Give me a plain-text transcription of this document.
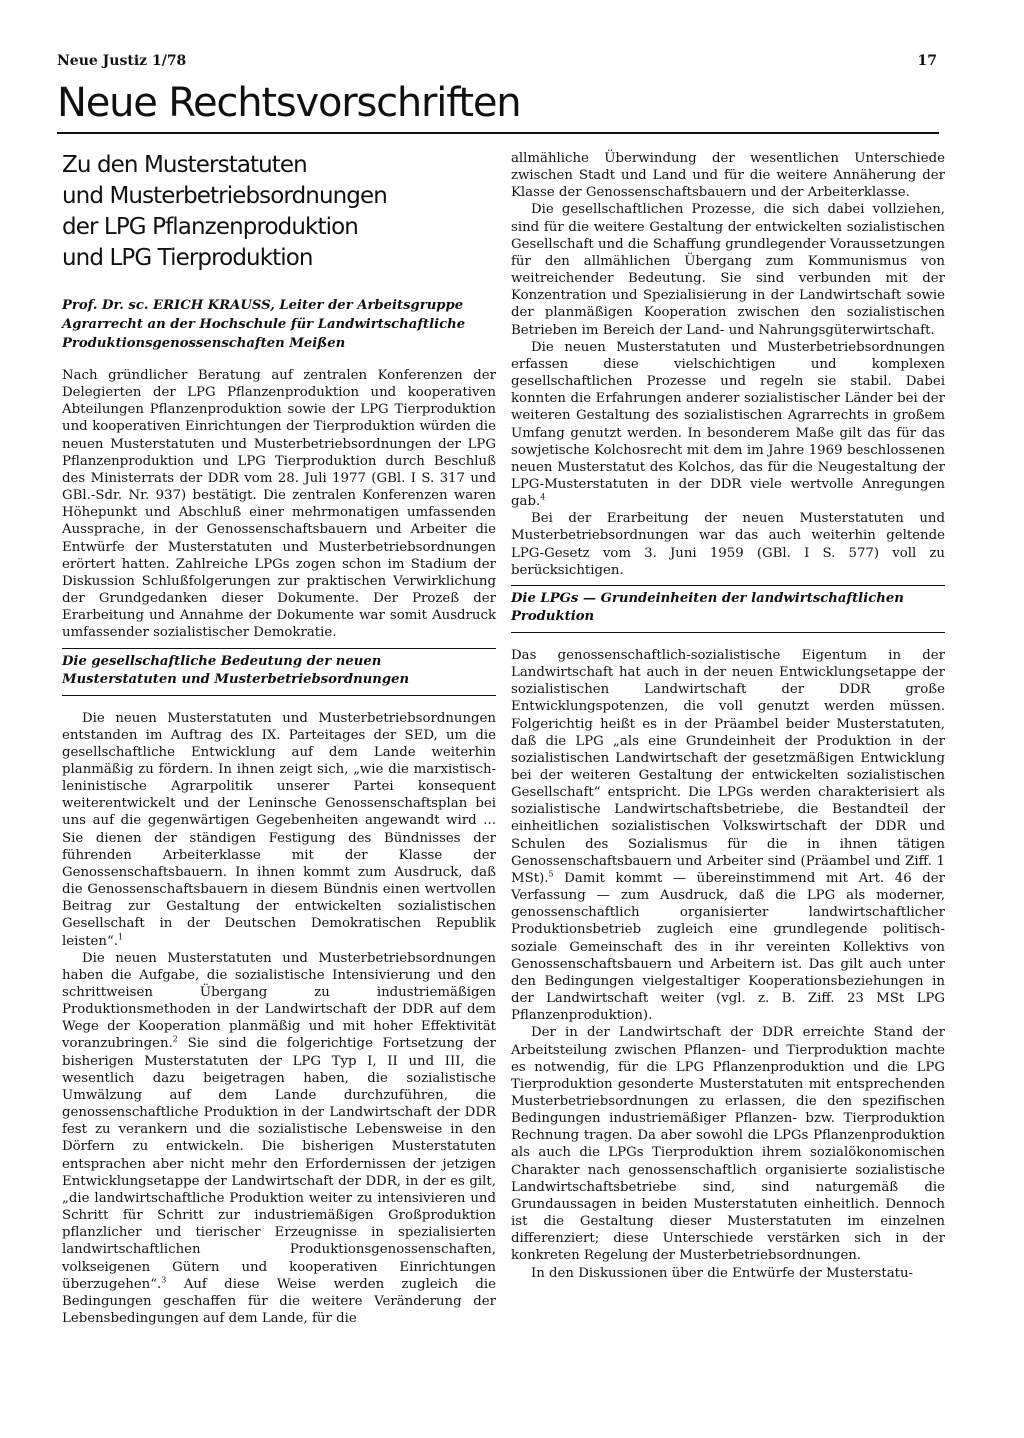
Neue Justiz 1/78	17
Neue Rechtsvorschriften
Zu den Musterstatuten
und Musterbetriebsordnungen
der LPG Pflanzenproduktion
und LPG Tierproduktion
Prof. Dr. sc. ERICH KRAUSS, Leiter der Arbeitsgruppe Agrarrecht an der Hochschule für Landwirtschaftliche Produktionsgenossenschaften Meißen

Nach gründlicher Beratung auf zentralen Konferenzen der Delegierten der LPG Pflanzenproduktion und kooperativen Abteilungen Pflanzenproduktion sowie der LPG Tierproduktion und kooperativen Einrichtungen der Tierproduktion würden die neuen Musterstatuten und Musterbetriebsordnungen der LPG Pflanzenproduktion und LPG Tierproduktion durch Beschluß des Ministerrats der DDR vom 28. Juli 1977 (GBl. I S. 317 und GBl.-Sdr. Nr. 937) bestätigt. Die zentralen Konferenzen waren Höhepunkt und Abschluß einer mehrmonatigen umfassenden Aussprache, in der Genossenschaftsbauern und Arbeiter die Entwürfe der Musterstatuten und Musterbetriebsordnungen erörtert hatten. Zahlreiche LPGs zogen schon im Stadium der Diskussion Schlußfolgerungen zur praktischen Verwirklichung der Grundgedanken dieser Dokumente. Der Prozeß der Erarbeitung und Annahme der Dokumente war somit Ausdruck umfassender sozialistischer Demokratie.

Die gesellschaftliche Bedeutung der neuen Musterstatuten und Musterbetriebsordnungen

Die neuen Musterstatuten und Musterbetriebsordnungen entstanden im Auftrag des IX. Parteitages der SED, um die gesellschaftliche Entwicklung auf dem Lande weiterhin planmäßig zu fördern. In ihnen zeigt sich, „wie die marxistisch-leninistische Agrarpolitik unserer Partei konsequent weiterentwickelt und der Leninsche Genossenschaftsplan bei uns auf die gegenwärtigen Gegebenheiten angewandt wird ... Sie dienen der ständigen Festigung des Bündnisses der führenden Arbeiterklasse mit der Klasse der Genossenschaftsbauern. In ihnen kommt zum Ausdruck, daß die Genossenschaftsbauern in diesem Bündnis einen wertvollen Beitrag zur Gestaltung der entwickelten sozialistischen Gesellschaft in der Deutschen Demokratischen Republik leisten“.$^1$

Die neuen Musterstatuten und Musterbetriebsordnungen haben die Aufgabe, die sozialistische Intensivierung und den schrittweisen Übergang zu industriemäßigen Produktionsmethoden in der Landwirtschaft der DDR auf dem Wege der Kooperation planmäßig und mit hoher Effektivität voranzubringen.$^2$ Sie sind die folgerichtige Fortsetzung der bisherigen Musterstatuten der LPG Typ I, II und III, die wesentlich dazu beigetragen haben, die sozialistische Umwälzung auf dem Lande durchzuführen, die genossenschaftliche Produktion in der Landwirtschaft der DDR fest zu verankern und die sozialistische Lebensweise in den Dörfern zu entwickeln. Die bisherigen Musterstatuten entsprachen aber nicht mehr den Erfordernissen der jetzigen Entwicklungsetappe der Landwirtschaft der DDR, in der es gilt, „die landwirtschaftliche Produktion weiter zu intensivieren und Schritt für Schritt zur industriemäßigen Großproduktion pflanzlicher und tierischer Erzeugnisse in spezialisierten landwirtschaftlichen Produktionsgenossenschaften, volkseigenen Gütern und kooperativen Einrichtungen überzugehen“.$^3$ Auf diese Weise werden zugleich die Bedingungen geschaffen für die weitere Veränderung der Lebensbedingungen auf dem Lande, für die

allmähliche Überwindung der wesentlichen Unterschiede zwischen Stadt und Land und für die weitere Annäherung der Klasse der Genossenschaftsbauern und der Arbeiterklasse.

Die gesellschaftlichen Prozesse, die sich dabei vollziehen, sind für die weitere Gestaltung der entwickelten sozialistischen Gesellschaft und die Schaffung grundlegender Voraussetzungen für den allmählichen Übergang zum Kommunismus von weitreichender Bedeutung. Sie sind verbunden mit der Konzentration und Spezialisierung in der Landwirtschaft sowie der planmäßigen Kooperation zwischen den sozialistischen Betrieben im Bereich der Land- und Nahrungsgüterwirtschaft.

Die neuen Musterstatuten und Musterbetriebsordnungen erfassen diese vielschichtigen und komplexen gesellschaftlichen Prozesse und regeln sie stabil. Dabei konnten die Erfahrungen anderer sozialistischer Länder bei der weiteren Gestaltung des sozialistischen Agrarrechts in großem Umfang genutzt werden. In besonderem Maße gilt das für das sowjetische Kolchosrecht mit dem im Jahre 1969 beschlossenen neuen Musterstatut des Kolchos, das für die Neugestaltung der LPG-Musterstatuten in der DDR viele wertvolle Anregungen gab.$^4$

Bei der Erarbeitung der neuen Musterstatuten und Musterbetriebsordnungen war das auch weiterhin geltende LPG-Gesetz vom 3. Juni 1959 (GBl. I S. 577) voll zu berücksichtigen.

Die LPGs — Grundeinheiten der landwirtschaftlichen Produktion

Das genossenschaftlich-sozialistische Eigentum in der Landwirtschaft hat auch in der neuen Entwicklungsetappe der sozialistischen Landwirtschaft der DDR große Entwicklungspotenzen, die voll genutzt werden müssen. Folgerichtig heißt es in der Präambel beider Musterstatuten, daß die LPG „als eine Grundeinheit der Produktion in der sozialistischen Landwirtschaft der gesetzmäßigen Entwicklung bei der weiteren Gestaltung der entwickelten sozialistischen Gesellschaft“ entspricht. Die LPGs werden charakterisiert als sozialistische Landwirtschaftsbetriebe, die Bestandteil der einheitlichen sozialistischen Volkswirtschaft der DDR und Schulen des Sozialismus für die in ihnen tätigen Genossenschaftsbauern und Arbeiter sind (Präambel und Ziff. 1 MSt).$^5$ Damit kommt — übereinstimmend mit Art. 46 der Verfassung — zum Ausdruck, daß die LPG als moderner, genossenschaftlich organisierter landwirtschaftlicher Produktionsbetrieb zugleich eine grundlegende politisch-soziale Gemeinschaft des in ihr vereinten Kollektivs von Genossenschaftsbauern und Arbeitern ist. Das gilt auch unter den Bedingungen vielgestaltiger Kooperationsbeziehungen in der Landwirtschaft weiter (vgl. z. B. Ziff. 23 MSt LPG Pflanzenproduktion).

Der in der Landwirtschaft der DDR erreichte Stand der Arbeitsteilung zwischen Pflanzen- und Tierproduktion machte es notwendig, für die LPG Pflanzenproduktion und die LPG Tierproduktion gesonderte Musterstatuten mit entsprechenden Musterbetriebsordnungen zu erlassen, die den spezifischen Bedingungen industriemäßiger Pflanzen- bzw. Tierproduktion Rechnung tragen. Da aber sowohl die LPGs Pflanzenproduktion als auch die LPGs Tierproduktion ihrem sozialökonomischen Charakter nach genossenschaftlich organisierte sozialistische Landwirtschaftsbetriebe sind, sind naturgemäß die Grundaussagen in beiden Musterstatuten einheitlich. Dennoch ist die Gestaltung dieser Musterstatuten im einzelnen differenziert; diese Unterschiede verstärken sich in der konkreten Regelung der Musterbetriebsordnungen.

In den Diskussionen über die Entwürfe der Musterstatu-
